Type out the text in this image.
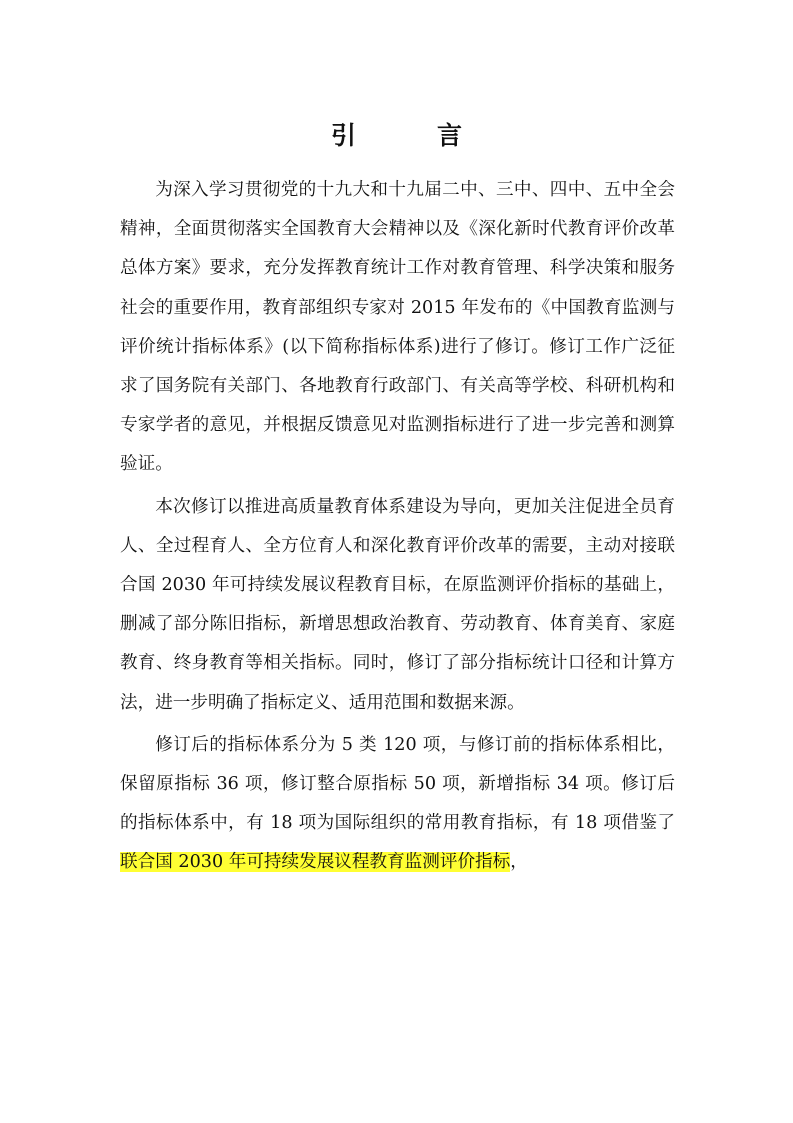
引　言

为深入学习贯彻党的十九大和十九届二中、三中、四中、五中全会精神，全面贯彻落实全国教育大会精神以及《深化新时代教育评价改革总体方案》要求，充分发挥教育统计工作对教育管理、科学决策和服务社会的重要作用，教育部组织专家对 2015 年发布的《中国教育监测与评价统计指标体系》(以下简称指标体系)进行了修订。修订工作广泛征求了国务院有关部门、各地教育行政部门、有关高等学校、科研机构和专家学者的意见，并根据反馈意见对监测指标进行了进一步完善和测算验证。

本次修订以推进高质量教育体系建设为导向，更加关注促进全员育人、全过程育人、全方位育人和深化教育评价改革的需要，主动对接联合国 2030 年可持续发展议程教育目标，在原监测评价指标的基础上，删减了部分陈旧指标，新增思想政治教育、劳动教育、体育美育、家庭教育、终身教育等相关指标。同时，修订了部分指标统计口径和计算方法，进一步明确了指标定义、适用范围和数据来源。

修订后的指标体系分为 5 类 120 项，与修订前的指标体系相比，保留原指标 36 项，修订整合原指标 50 项，新增指标 34 项。修订后的指标体系中，有 18 项为国际组织的常用教育指标，有 18 项借鉴了联合国 2030 年可持续发展议程教育监测评价指标，
